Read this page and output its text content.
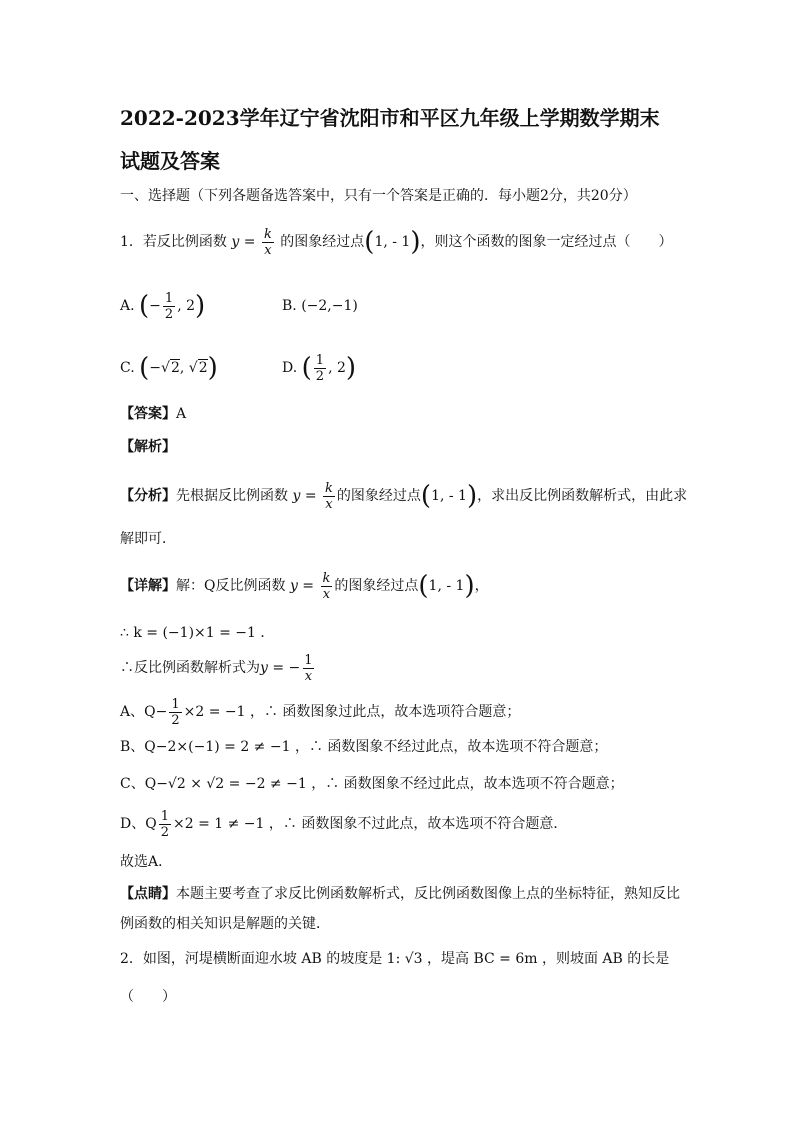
2022-2023学年辽宁省沈阳市和平区九年级上学期数学期末
试题及答案
一、选择题（下列各题备选答案中，只有一个答案是正确的．每小题2分，共20分）
1．若反比例函数 $y = \frac{k}{x}$ 的图象经过点(1, - 1)，则这个函数的图象一定经过点（　　）
A. (− $\frac{1}{2}$ , 2)	B. (−2,−1)
C. (−√2, √2)	D. ( $\frac{1}{2}$ , 2)
【答案】A
【解析】
【分析】先根据反比例函数 $y = \frac{k}{x}$ 的图象经过点(1, - 1)，求出反比例函数解析式，由此求
解即可．
【详解】解：Q反比例函数 $y = \frac{k}{x}$ 的图象经过点(1, - 1)，
∴ k = (−1)×1 = −1 ．
∴反比例函数解析式为y = − $\frac{1}{x}$
A、$Q- \frac{1}{2} \times 2 = -1$ ，∴ 函数图象过此点，故本选项符合题意；
B、Q−2×(−1) = 2 ≠ −1 ，∴ 函数图象不经过此点，故本选项不符合题意；
C、Q−√2 × √2 = −2 ≠ −1 ，∴ 函数图象不经过此点，故本选项不符合题意；
D、Q $\frac{1}{2} \times 2 = 1 \ne -1$ ，∴ 函数图象不过此点，故本选项不符合题意．
故选A．
【点睛】本题主要考查了求反比例函数解析式，反比例函数图像上点的坐标特征，熟知反比
例函数的相关知识是解题的关键．
2．如图，河堤横断面迎水坡 AB 的坡度是 1: √3 ，堤高 BC = 6m ，则坡面 AB 的长是
（　　）
